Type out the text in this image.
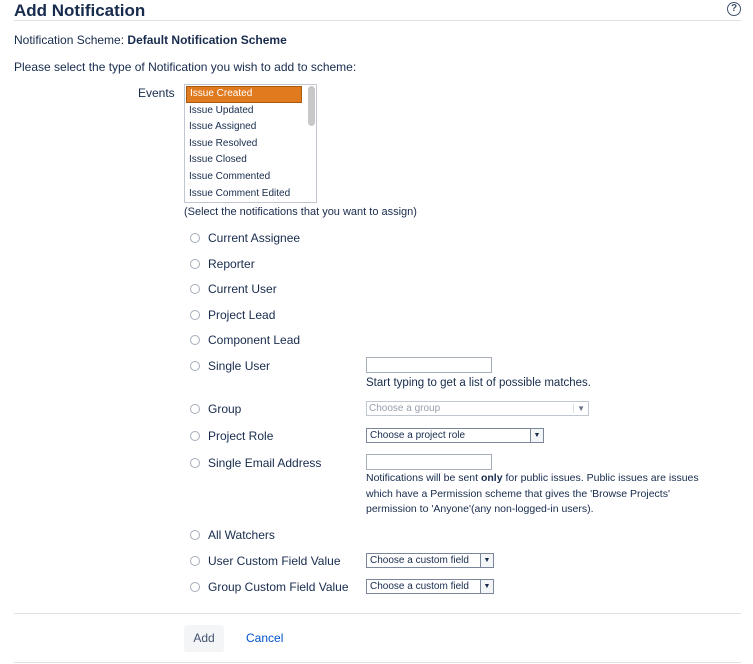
Add Notification	?
Notification Scheme: Default Notification Scheme
Please select the type of Notification you wish to add to scheme:
Events	Issue Created
Issue Updated
Issue Assigned
Issue Resolved
Issue Closed
Issue Commented
Issue Comment Edited
(Select the notifications that you want to assign)
Current Assignee
Reporter
Current User
Project Lead
Component Lead
Single User
Start typing to get a list of possible matches.
Group	Choose a group	▼
Project Role	Choose a project role	▼
Single Email Address
Notifications will be sent only for public issues. Public issues are issues
which have a Permission scheme that gives the 'Browse Projects'
permission to 'Anyone'(any non-logged-in users).
All Watchers
User Custom Field Value	Choose a custom field	▼
Group Custom Field Value	Choose a custom field	▼
Add	Cancel
